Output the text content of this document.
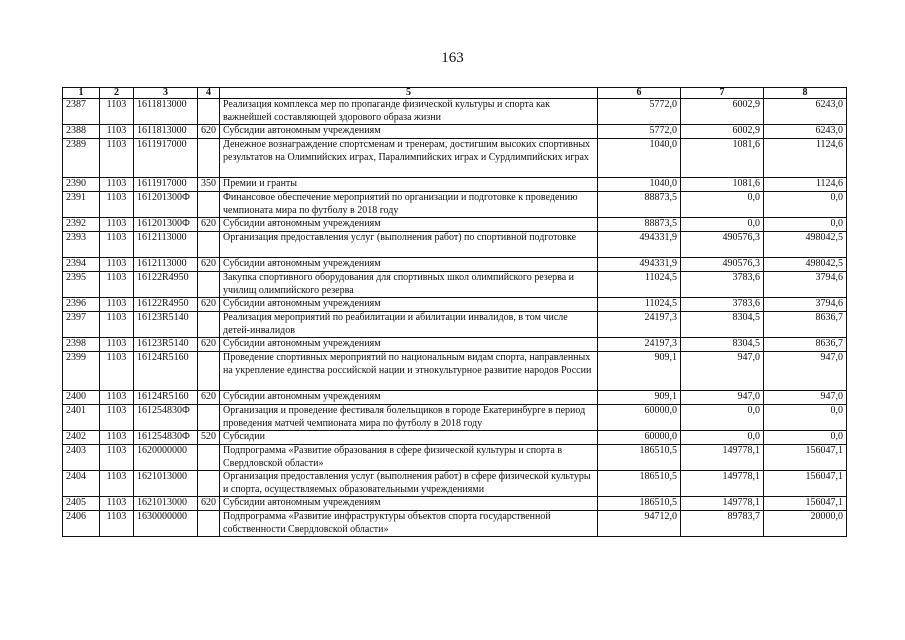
163
1	2	3	4	5	6	7	8
2387	1103	1611813000		Реализация комплекса мер по пропаганде физической культуры и спорта как важнейшей составляющей здорового образа жизни	5772,0	6002,9	6243,0
2388	1103	1611813000	620	Субсидии автономным учреждениям	5772,0	6002,9	6243,0
2389	1103	1611917000		Денежное вознаграждение спортсменам и тренерам, достигшим высоких спортивных результатов на Олимпийских играх, Паралимпийских играх и Сурдлимпийских играх	1040,0	1081,6	1124,6
2390	1103	1611917000	350	Премии и гранты	1040,0	1081,6	1124,6
2391	1103	161201300Ф		Финансовое обеспечение мероприятий по организации и подготовке к проведению чемпионата мира по футболу в 2018 году	88873,5	0,0	0,0
2392	1103	161201300Ф	620	Субсидии автономным учреждениям	88873,5	0,0	0,0
2393	1103	1612113000		Организация предоставления услуг (выполнения работ) по спортивной подготовке	494331,9	490576,3	498042,5
2394	1103	1612113000	620	Субсидии автономным учреждениям	494331,9	490576,3	498042,5
2395	1103	16122R4950		Закупка спортивного оборудования для спортивных школ олимпийского резерва и училищ олимпийского резерва	11024,5	3783,6	3794,6
2396	1103	16122R4950	620	Субсидии автономным учреждениям	11024,5	3783,6	3794,6
2397	1103	16123R5140		Реализация мероприятий по реабилитации и абилитации инвалидов, в том числе детей-инвалидов	24197,3	8304,5	8636,7
2398	1103	16123R5140	620	Субсидии автономным учреждениям	24197,3	8304,5	8636,7
2399	1103	16124R5160		Проведение спортивных мероприятий по национальным видам спорта, направленных на укрепление единства российской нации и этнокультурное развитие народов России	909,1	947,0	947,0
2400	1103	16124R5160	620	Субсидии автономным учреждениям	909,1	947,0	947,0
2401	1103	161254830Ф		Организация и проведение фестиваля болельщиков в городе Екатеринбурге в период проведения матчей чемпионата мира по футболу в 2018 году	60000,0	0,0	0,0
2402	1103	161254830Ф	520	Субсидии	60000,0	0,0	0,0
2403	1103	1620000000		Подпрограмма «Развитие образования в сфере физической культуры и спорта в Свердловской области»	186510,5	149778,1	156047,1
2404	1103	1621013000		Организация предоставления услуг (выполнения работ) в сфере физической культуры и спорта, осуществляемых образовательными учреждениями	186510,5	149778,1	156047,1
2405	1103	1621013000	620	Субсидии автономным учреждениям	186510,5	149778,1	156047,1
2406	1103	1630000000		Подпрограмма «Развитие инфраструктуры объектов спорта государственной собственности Свердловской области»	94712,0	89783,7	20000,0
